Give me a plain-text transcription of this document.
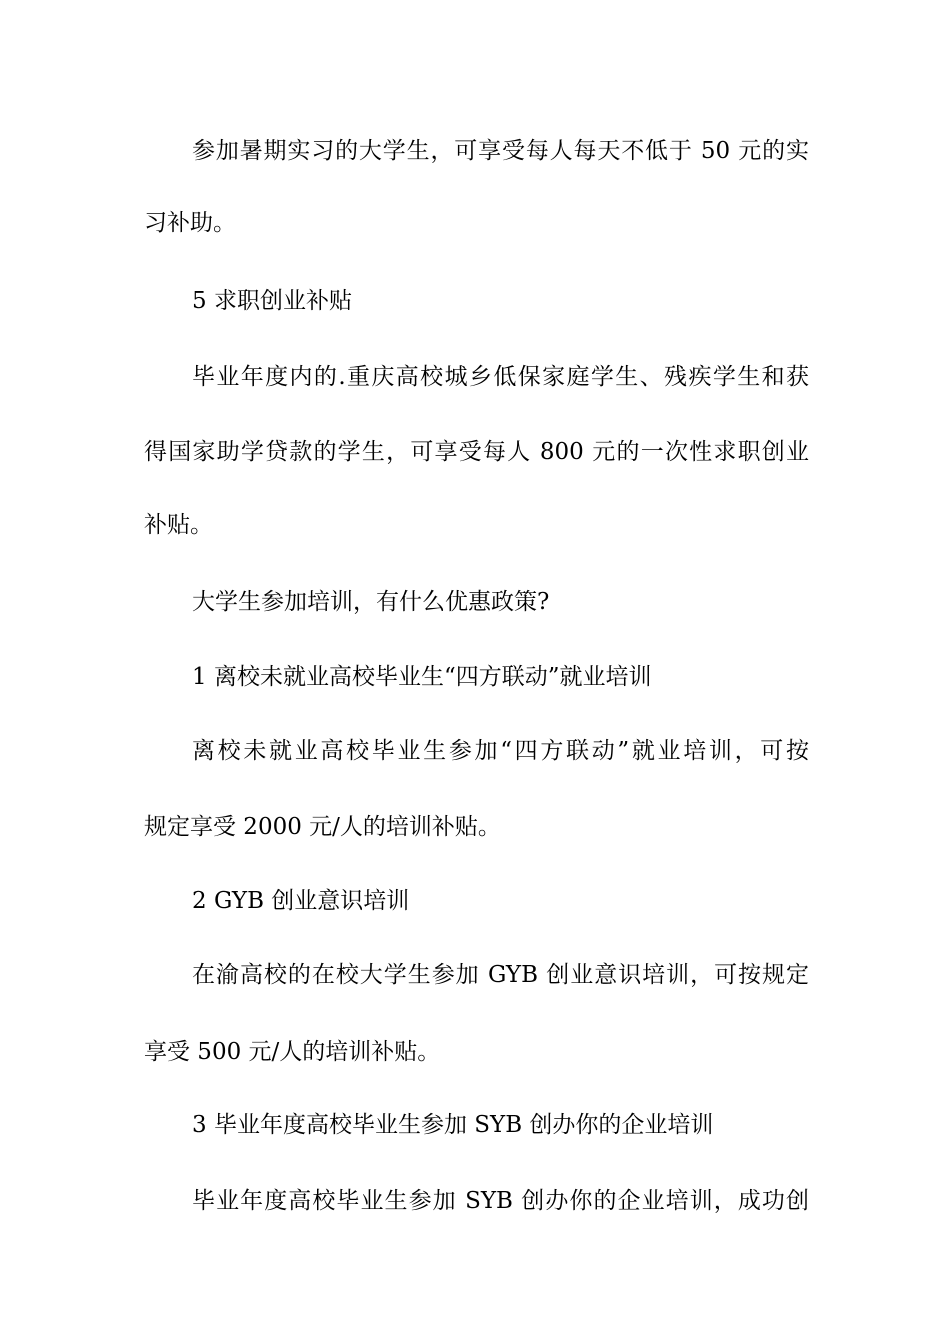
参加暑期实习的大学生，可享受每人每天不低于 50 元的实

习补助。

5 求职创业补贴

毕业年度内的.重庆高校城乡低保家庭学生、残疾学生和获

得国家助学贷款的学生，可享受每人 800 元的一次性求职创业

补贴。

大学生参加培训，有什么优惠政策?

1 离校未就业高校毕业生“四方联动”就业培训

离校未就业高校毕业生参加“四方联动”就业培训，可按

规定享受 2000 元/人的培训补贴。

2 GYB 创业意识培训

在渝高校的在校大学生参加 GYB 创业意识培训，可按规定

享受 500 元/人的培训补贴。

3 毕业年度高校毕业生参加 SYB 创办你的企业培训

毕业年度高校毕业生参加 SYB 创办你的企业培训，成功创
